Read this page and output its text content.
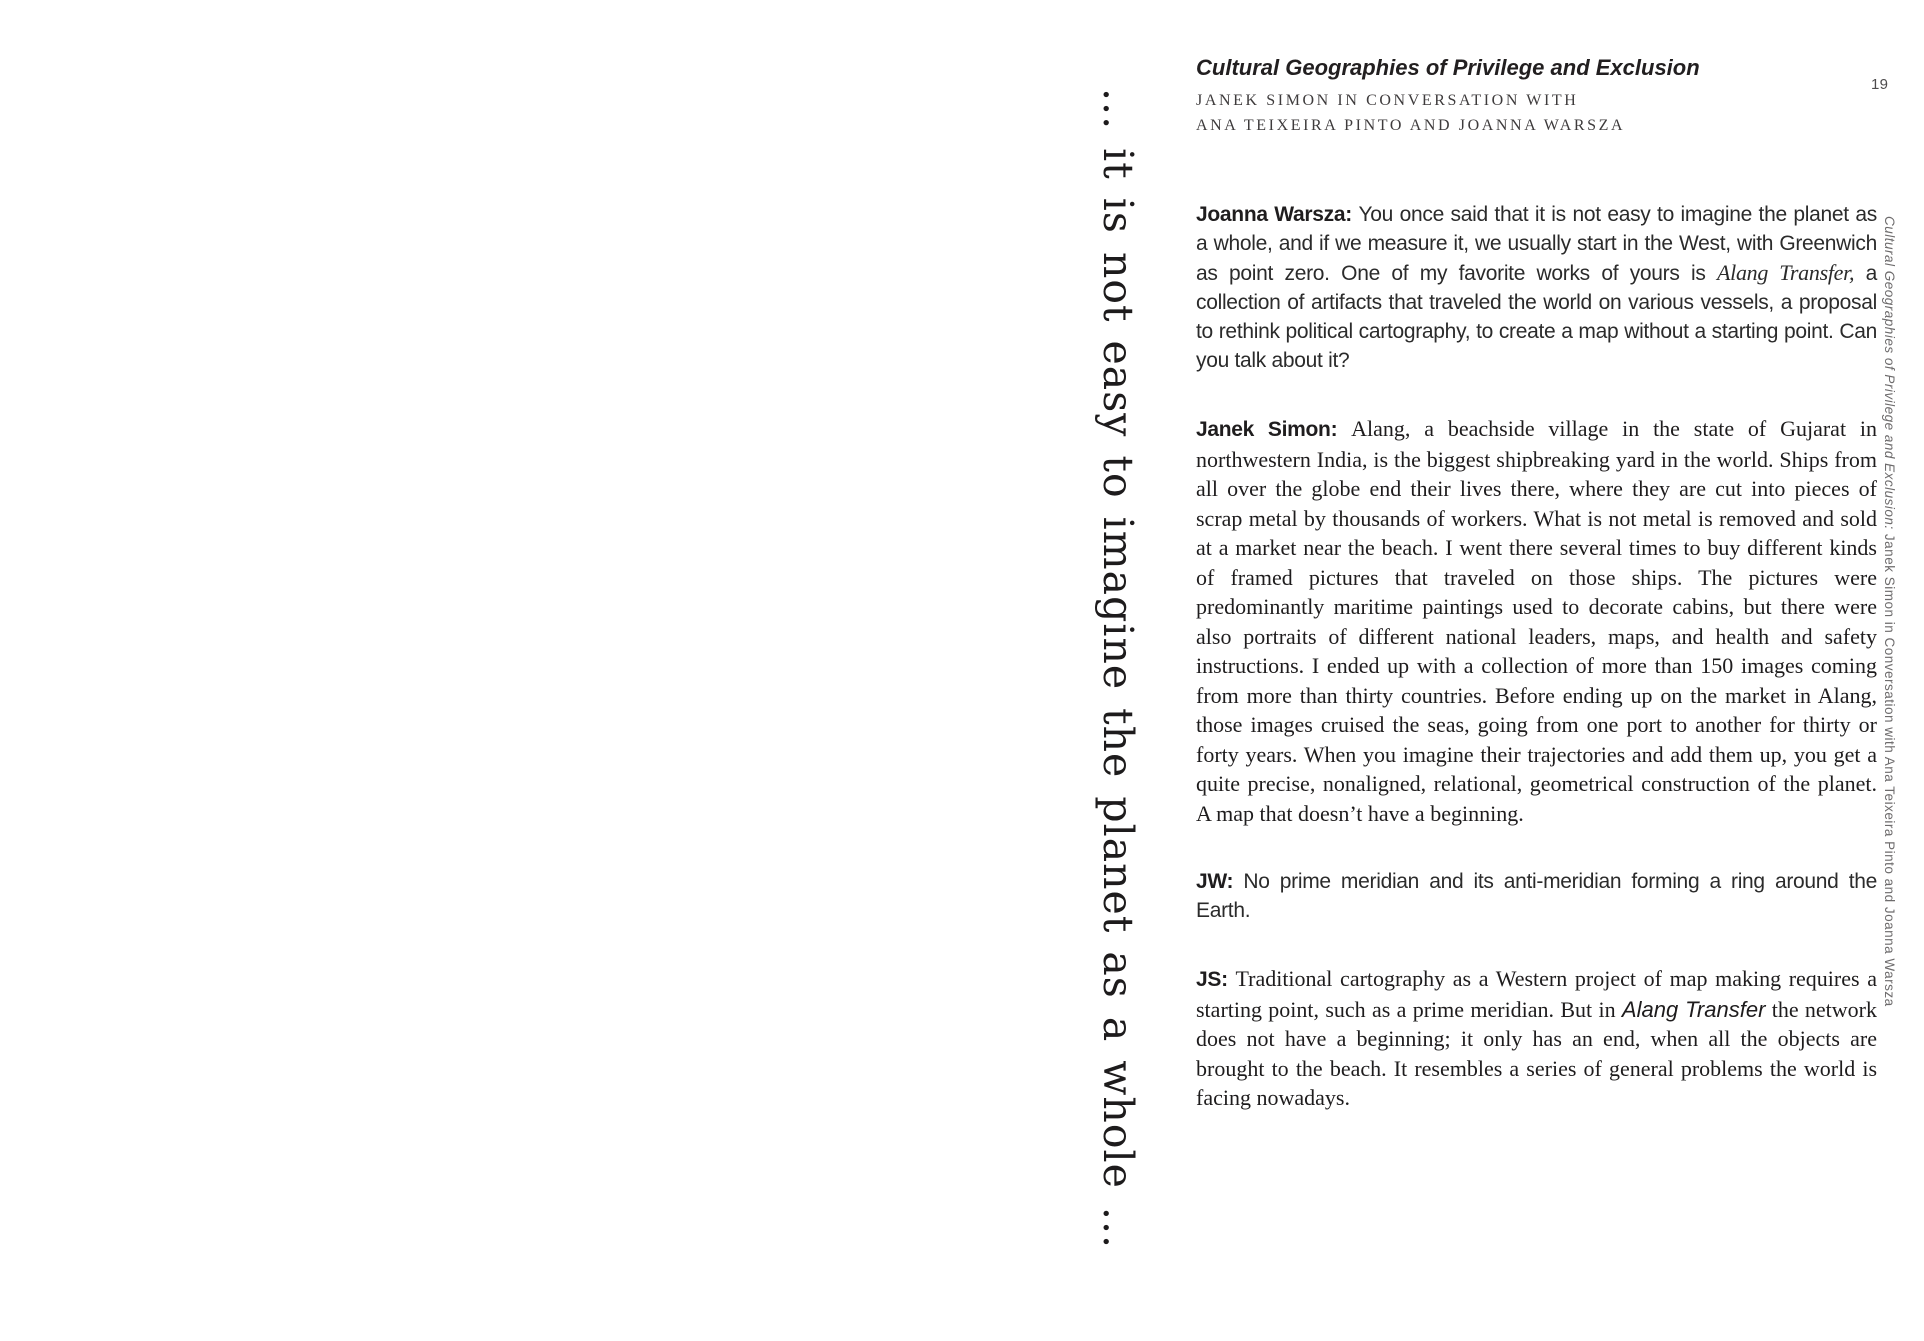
... it is not easy to imagine the planet as a whole ...
Cultural Geographies of Privilege and Exclusion
JANEK SIMON IN CONVERSATION WITH
ANA TEIXEIRA PINTO AND JOANNA WARSZA

Joanna Warsza: You once said that it is not easy to imagine the planet as a whole, and if we measure it, we usually start in the West, with Greenwich as point zero. One of my favorite works of yours is Alang Transfer, a collection of artifacts that traveled the world on various vessels, a proposal to rethink political cartography, to create a map without a starting point. Can you talk about it?

Janek Simon: Alang, a beachside village in the state of Gujarat in northwestern India, is the biggest shipbreaking yard in the world. Ships from all over the globe end their lives there, where they are cut into pieces of scrap metal by thousands of workers. What is not metal is removed and sold at a market near the beach. I went there several times to buy different kinds of framed pictures that traveled on those ships. The pictures were predominantly maritime paintings used to decorate cabins, but there were also portraits of different national leaders, maps, and health and safety instructions. I ended up with a collection of more than 150 images coming from more than thirty countries. Before ending up on the market in Alang, those images cruised the seas, going from one port to another for thirty or forty years. When you imagine their trajectories and add them up, you get a quite precise, nonaligned, relational, geometrical construction of the planet. A map that doesn’t have a beginning.

JW: No prime meridian and its anti-meridian forming a ring around the Earth.

JS: Traditional cartography as a Western project of map making requires a starting point, such as a prime meridian. But in Alang Transfer the network does not have a beginning; it only has an end, when all the objects are brought to the beach. It resembles a series of general problems the world is facing nowadays.

19
Cultural Geographies of Privilege and Exclusion: Janek Simon in Conversation with Ana Teixeira Pinto and Joanna Warsza
